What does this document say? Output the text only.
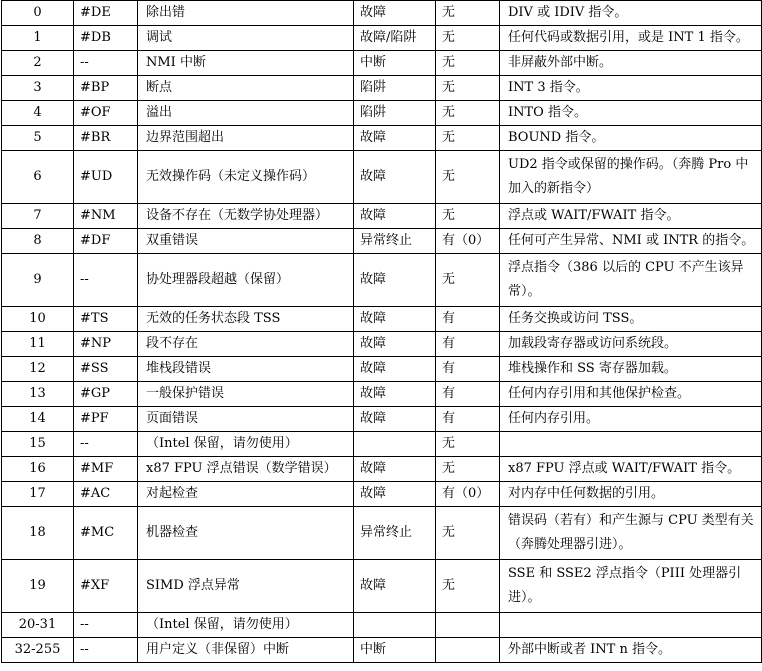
0	#DE	除出错	故障	无	DIV 或 IDIV 指令。
1	#DB	调试	故障/陷阱	无	任何代码或数据引用，或是 INT 1 指令。
2	--	NMI 中断	中断	无	非屏蔽外部中断。
3	#BP	断点	陷阱	无	INT 3 指令。
4	#OF	溢出	陷阱	无	INTO 指令。
5	#BR	边界范围超出	故障	无	BOUND 指令。
6	#UD	无效操作码（未定义操作码）	故障	无	UD2 指令或保留的操作码。（奔腾 Pro 中加入的新指令）
7	#NM	设备不存在（无数学协处理器）	故障	无	浮点或 WAIT/FWAIT 指令。
8	#DF	双重错误	异常终止	有（0）	任何可产生异常、NMI 或 INTR 的指令。
9	--	协处理器段超越（保留）	故障	无	浮点指令（386 以后的 CPU 不产生该异常）。
10	#TS	无效的任务状态段 TSS	故障	有	任务交换或访问 TSS。
11	#NP	段不存在	故障	有	加载段寄存器或访问系统段。
12	#SS	堆栈段错误	故障	有	堆栈操作和 SS 寄存器加载。
13	#GP	一般保护错误	故障	有	任何内存引用和其他保护检查。
14	#PF	页面错误	故障	有	任何内存引用。
15	--	（Intel 保留，请勿使用）		无	
16	#MF	x87 FPU 浮点错误（数学错误）	故障	无	x87 FPU 浮点或 WAIT/FWAIT 指令。
17	#AC	对起检查	故障	有（0）	对内存中任何数据的引用。
18	#MC	机器检查	异常终止	无	错误码（若有）和产生源与 CPU 类型有关（奔腾处理器引进）。
19	#XF	SIMD 浮点异常	故障	无	SSE 和 SSE2 浮点指令（PIII 处理器引进）。
20-31	--	（Intel 保留，请勿使用）			
32-255	--	用户定义（非保留）中断	中断		外部中断或者 INT n 指令。
